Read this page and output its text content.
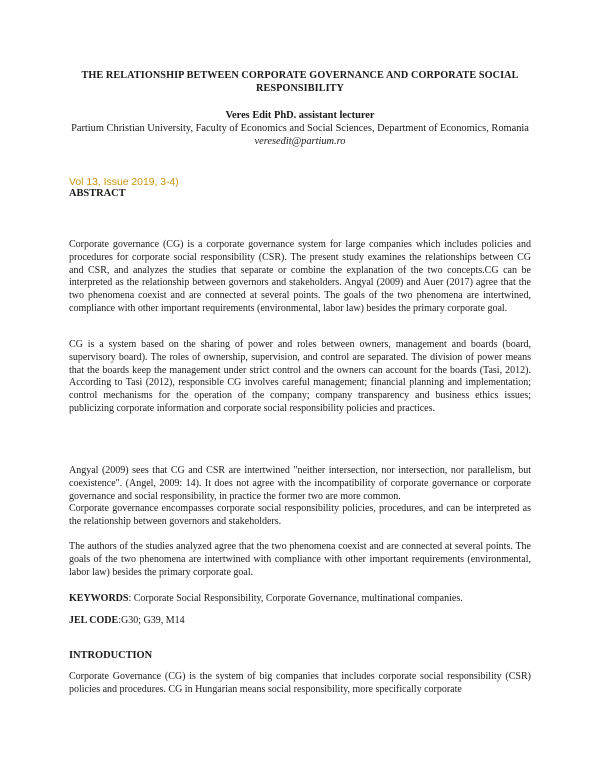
THE RELATIONSHIP BETWEEN CORPORATE GOVERNANCE AND CORPORATE SOCIAL RESPONSIBILITY
Veres Edit PhD. assistant lecturer
Partium Christian University, Faculty of Economics and Social Sciences, Department of Economics, Romania
veresedit@partium.ro
Vol 13, Issue 2019, 3-4)
ABSTRACT

Corporate governance (CG) is a corporate governance system for large companies which includes policies and procedures for corporate social responsibility (CSR). The present study examines the relationships between CG and CSR, and analyzes the studies that separate or combine the explanation of the two concepts.CG can be interpreted as the relationship between governors and stakeholders. Angyal (2009) and Auer (2017) agree that the two phenomena coexist and are connected at several points. The goals of the two phenomena are intertwined, compliance with other important requirements (environmental, labor law) besides the primary corporate goal.

CG is a system based on the sharing of power and roles between owners, management and boards (board, supervisory board). The roles of ownership, supervision, and control are separated. The division of power means that the boards keep the management under strict control and the owners can account for the boards (Tasi, 2012). According to Tasi (2012), responsible CG involves careful management; financial planning and implementation; control mechanisms for the operation of the company; company transparency and business ethics issues; publicizing corporate information and corporate social responsibility policies and practices.

Angyal (2009) sees that CG and CSR are intertwined "neither intersection, nor intersection, nor parallelism, but coexistence". (Angel, 2009: 14). It does not agree with the incompatibility of corporate governance or corporate governance and social responsibility, in practice the former two are more common.

Corporate governance encompasses corporate social responsibility policies, procedures, and can be interpreted as the relationship between governors and stakeholders.

The authors of the studies analyzed agree that the two phenomena coexist and are connected at several points. The goals of the two phenomena are intertwined with compliance with other important requirements (environmental, labor law) besides the primary corporate goal.

KEYWORDS: Corporate Social Responsibility, Corporate Governance, multinational companies.

JEL CODE:G30; G39, M14

INTRODUCTION

Corporate Governance (CG) is the system of big companies that includes corporate social responsibility (CSR) policies and procedures. CG in Hungarian means social responsibility, more specifically corporate
